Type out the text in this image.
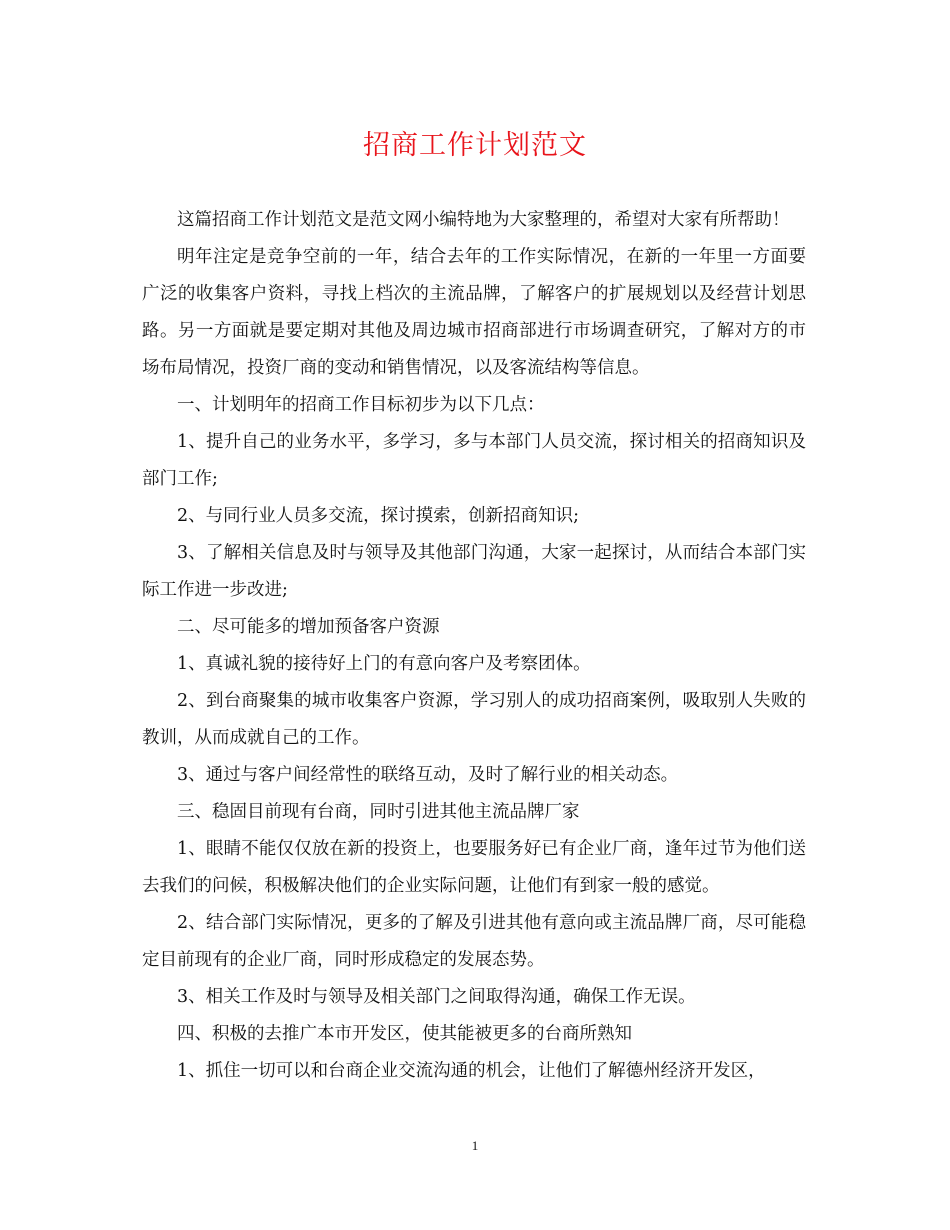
招商工作计划范文

这篇招商工作计划范文是范文网小编特地为大家整理的，希望对大家有所帮助！

明年注定是竞争空前的一年，结合去年的工作实际情况，在新的一年里一方面要广泛的收集客户资料，寻找上档次的主流品牌，了解客户的扩展规划以及经营计划思路。另一方面就是要定期对其他及周边城市招商部进行市场调查研究，了解对方的市场布局情况，投资厂商的变动和销售情况，以及客流结构等信息。

一、计划明年的招商工作目标初步为以下几点：

1、提升自己的业务水平，多学习，多与本部门人员交流，探讨相关的招商知识及部门工作;

2、与同行业人员多交流，探讨摸索，创新招商知识;

3、了解相关信息及时与领导及其他部门沟通，大家一起探讨，从而结合本部门实际工作进一步改进;

二、尽可能多的增加预备客户资源

1、真诚礼貌的接待好上门的有意向客户及考察团体。

2、到台商聚集的城市收集客户资源，学习别人的成功招商案例，吸取别人失败的教训，从而成就自己的工作。

3、通过与客户间经常性的联络互动，及时了解行业的相关动态。

三、稳固目前现有台商，同时引进其他主流品牌厂家

1、眼睛不能仅仅放在新的投资上，也要服务好已有企业厂商，逢年过节为他们送去我们的问候，积极解决他们的企业实际问题，让他们有到家一般的感觉。

2、结合部门实际情况，更多的了解及引进其他有意向或主流品牌厂商，尽可能稳定目前现有的企业厂商，同时形成稳定的发展态势。

3、相关工作及时与领导及相关部门之间取得沟通，确保工作无误。

四、积极的去推广本市开发区，使其能被更多的台商所熟知

1、抓住一切可以和台商企业交流沟通的机会，让他们了解德州经济开发区，

1
